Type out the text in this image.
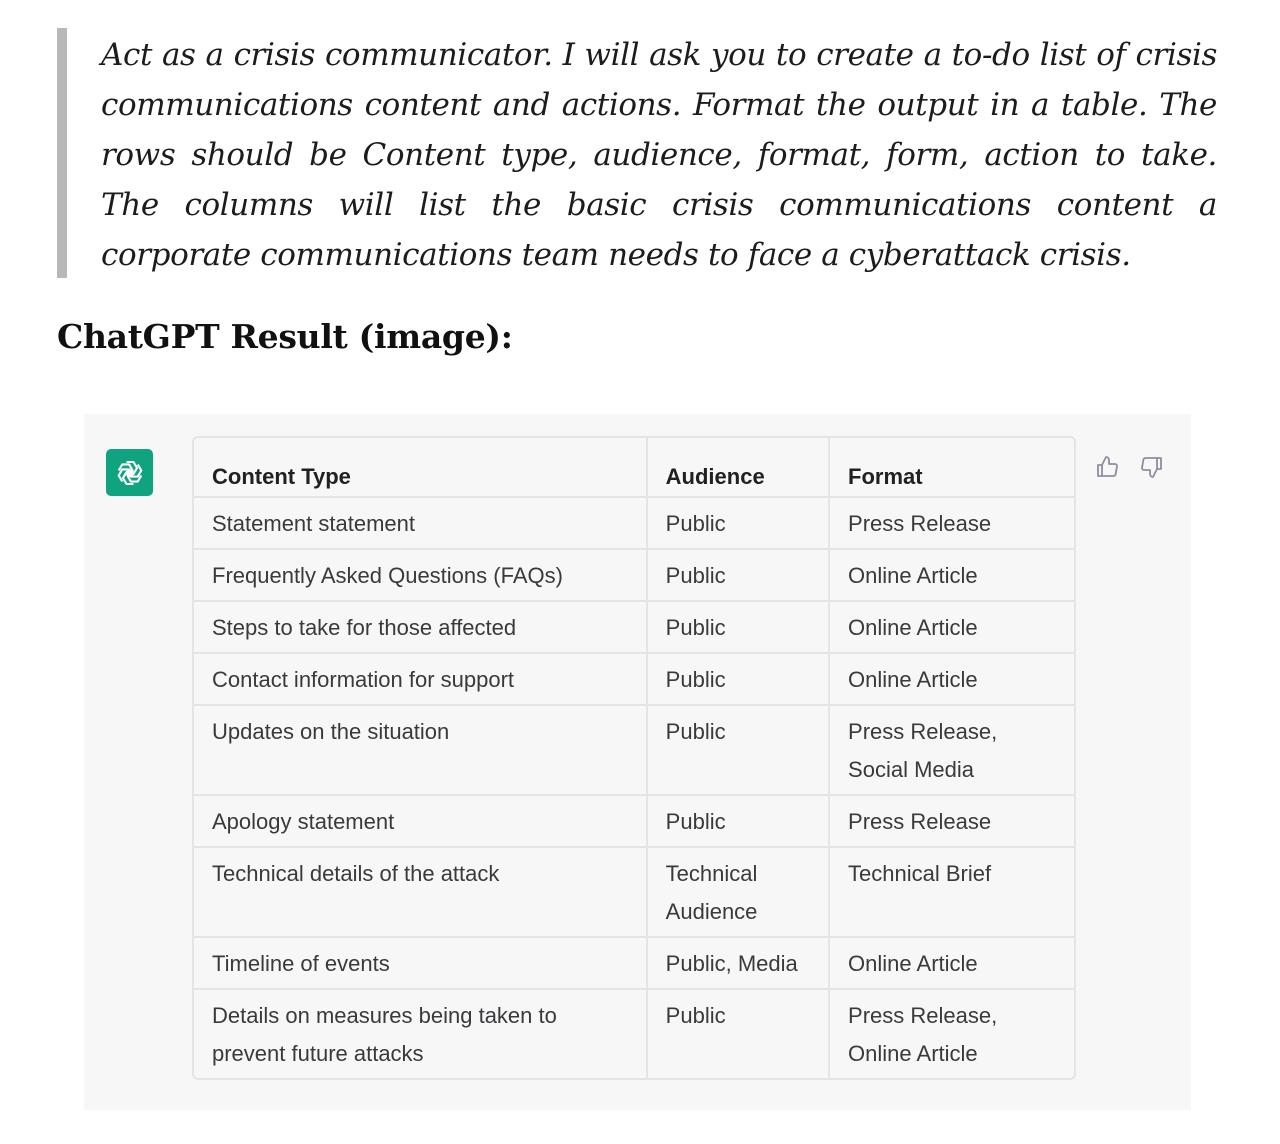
Act as a crisis communicator. I will ask you to create a to-do list of crisis communications content and actions. Format the output in a table. The rows should be Content type, audience, format, form, action to take. The columns will list the basic crisis communications content a corporate communications team needs to face a cyberattack crisis.

ChatGPT Result (image):
Content Type	Audience	Format
Statement statement	Public	Press Release
Frequently Asked Questions (FAQs)	Public	Online Article
Steps to take for those affected	Public	Online Article
Contact information for support	Public	Online Article
Updates on the situation	Public	Press Release, Social Media
Apology statement	Public	Press Release
Technical details of the attack	Technical Audience	Technical Brief
Timeline of events	Public, Media	Online Article
Details on measures being taken to prevent future attacks	Public	Press Release, Online Article
